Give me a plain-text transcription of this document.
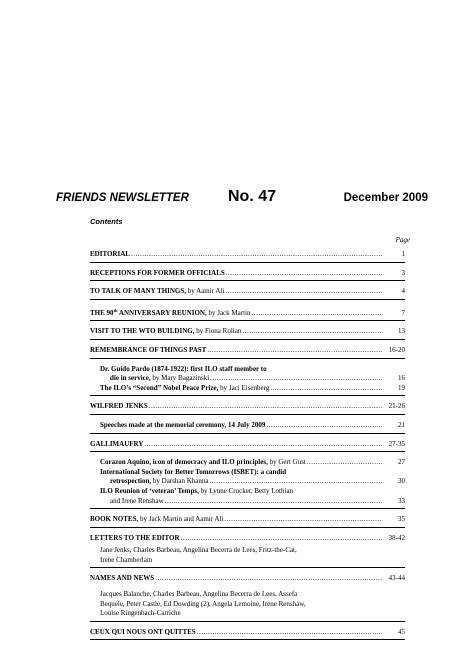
FRIENDS NEWSLETTER No. 47	December 2009
Contents
Page
EDITORIAL .....	1
RECEPTIONS FOR FORMER OFFICIALS .....	3
TO TALK OF MANY THINGS, by Aamir Ali .....	4
THE 90th ANNIVERSARY REUNION, by Jack Martin .....	7
VISIT TO THE WTO BUILDING, by Fiona Rolian .....	13
REMEMBRANCE OF THINGS PAST .....	16-20
Dr. Guido Pardo (1874-1922): first ILO staff member to
die in service, by Mary Bagazinski .....	16
The ILO’s “Second” Nobel Peace Prize, by Jaci Eisenberg .....	19
WILFRED JENKS .....	21-26
Speeches made at the memorial ceremony, 14 July 2009 .....	21
GALLIMAUFRY .....	27-35
Corazon Aquino, icon of democracy and ILO principles, by Gert Gust .....	27
International Society for Better Tomorrows (ISBET): a candid
retrospection, by Darshan Khanna .....	30
ILO Reunion of ‘veteran’ Temps, by Lynne Crocker, Betty Lothian
and Irene Renshaw .....	33
BOOK NOTES, by Jack Martin and Aamir Ali .....	35
LETTERS TO THE EDITOR .....	38-42
Jane Jenks, Charles Barbeau, Angelina Becerra de Lees, Fritz-the-Cat,
Irene Chamberlain
NAMES AND NEWS .....	43-44
Jacques Balanche, Charles Barbeau, Angelina Becerra de Lees, Assefa
Bequele, Peter Castle, Ed Dowding (2), Angela Lemoine, Irene Renshaw,
Louise Ringenbach-Carriche
CEUX QUI NOUS ONT QUITTES .....	45
